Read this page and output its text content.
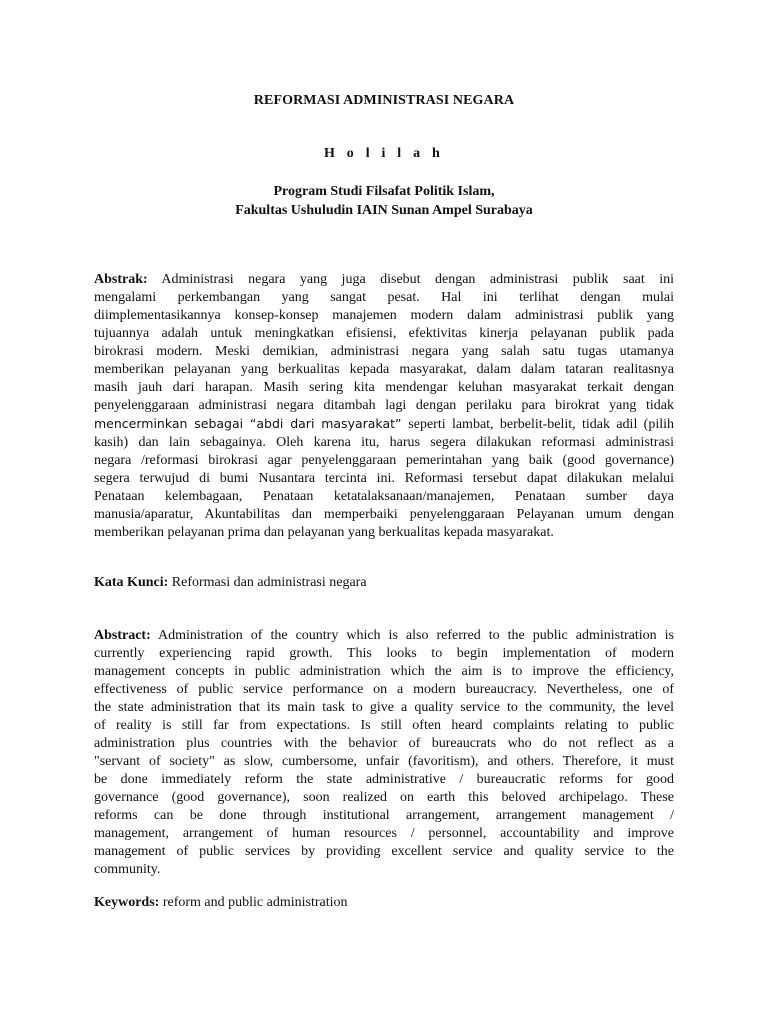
REFORMASI ADMINISTRASI NEGARA
H o l i l a h
Program Studi Filsafat Politik Islam,
Fakultas Ushuludin IAIN Sunan Ampel Surabaya
Abstrak: Administrasi negara yang juga disebut dengan administrasi publik saat ini
mengalami perkembangan yang sangat pesat. Hal ini terlihat dengan mulai
diimplementasikannya konsep-konsep manajemen modern dalam administrasi publik yang
tujuannya adalah untuk meningkatkan efisiensi, efektivitas kinerja pelayanan publik pada
birokrasi modern. Meski demikian, administrasi negara yang salah satu tugas utamanya
memberikan pelayanan yang berkualitas kepada masyarakat, dalam dalam tataran realitasnya
masih jauh dari harapan. Masih sering kita mendengar keluhan masyarakat terkait dengan
penyelenggaraan administrasi negara ditambah lagi dengan perilaku para birokrat yang tidak
mencerminkan sebagai “abdi dari masyarakat” seperti lambat, berbelit-belit, tidak adil (pilih
kasih) dan lain sebagainya. Oleh karena itu, harus segera dilakukan reformasi administrasi
negara /reformasi birokrasi agar penyelenggaraan pemerintahan yang baik (good governance)
segera terwujud di bumi Nusantara tercinta ini. Reformasi tersebut dapat dilakukan melalui
Penataan kelembagaan, Penataan ketatalaksanaan/manajemen, Penataan sumber daya
manusia/aparatur, Akuntabilitas dan memperbaiki penyelenggaraan Pelayanan umum dengan
memberikan pelayanan prima dan pelayanan yang berkualitas kepada masyarakat.
Kata Kunci: Reformasi dan administrasi negara
Abstract: Administration of the country which is also referred to the public administration is
currently experiencing rapid growth. This looks to begin implementation of modern
management concepts in public administration which the aim is to improve the efficiency,
effectiveness of public service performance on a modern bureaucracy. Nevertheless, one of
the state administration that its main task to give a quality service to the community, the level
of reality is still far from expectations. Is still often heard complaints relating to public
administration plus countries with the behavior of bureaucrats who do not reflect as a
"servant of society" as slow, cumbersome, unfair (favoritism), and others. Therefore, it must
be done immediately reform the state administrative / bureaucratic reforms for good
governance (good governance), soon realized on earth this beloved archipelago. These
reforms can be done through institutional arrangement, arrangement management /
management, arrangement of human resources / personnel, accountability and improve
management of public services by providing excellent service and quality service to the
community.
Keywords: reform and public administration
